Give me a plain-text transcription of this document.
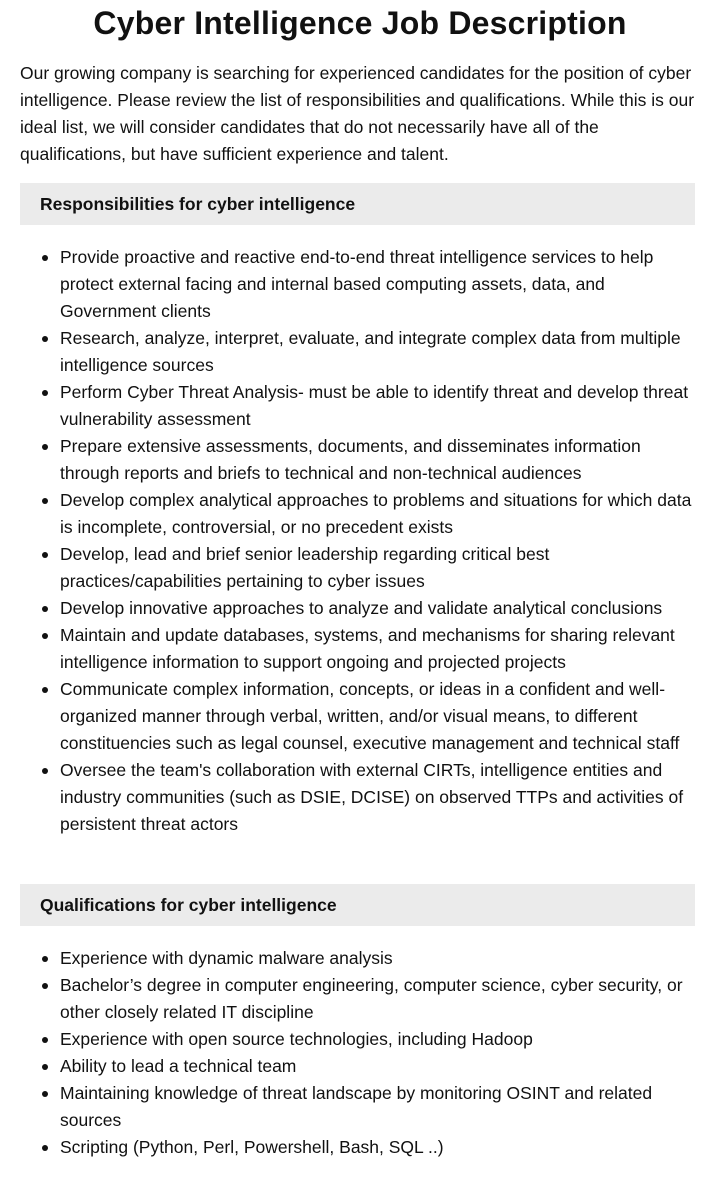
Cyber Intelligence Job Description

Our growing company is searching for experienced candidates for the position of cyber intelligence. Please review the list of responsibilities and qualifications. While this is our ideal list, we will consider candidates that do not necessarily have all of the qualifications, but have sufficient experience and talent.

Responsibilities for cyber intelligence
Provide proactive and reactive end-to-end threat intelligence services to help protect external facing and internal based computing assets, data, and Government clients
Research, analyze, interpret, evaluate, and integrate complex data from multiple intelligence sources
Perform Cyber Threat Analysis- must be able to identify threat and develop threat vulnerability assessment
Prepare extensive assessments, documents, and disseminates information through reports and briefs to technical and non-technical audiences
Develop complex analytical approaches to problems and situations for which data is incomplete, controversial, or no precedent exists
Develop, lead and brief senior leadership regarding critical best practices/capabilities pertaining to cyber issues
Develop innovative approaches to analyze and validate analytical conclusions
Maintain and update databases, systems, and mechanisms for sharing relevant intelligence information to support ongoing and projected projects
Communicate complex information, concepts, or ideas in a confident and well-organized manner through verbal, written, and/or visual means, to different constituencies such as legal counsel, executive management and technical staff
Oversee the team's collaboration with external CIRTs, intelligence entities and industry communities (such as DSIE, DCISE) on observed TTPs and activities of persistent threat actors
Qualifications for cyber intelligence
Experience with dynamic malware analysis
Bachelor’s degree in computer engineering, computer science, cyber security, or other closely related IT discipline
Experience with open source technologies, including Hadoop
Ability to lead a technical team
Maintaining knowledge of threat landscape by monitoring OSINT and related sources
Scripting (Python, Perl, Powershell, Bash, SQL ..)
